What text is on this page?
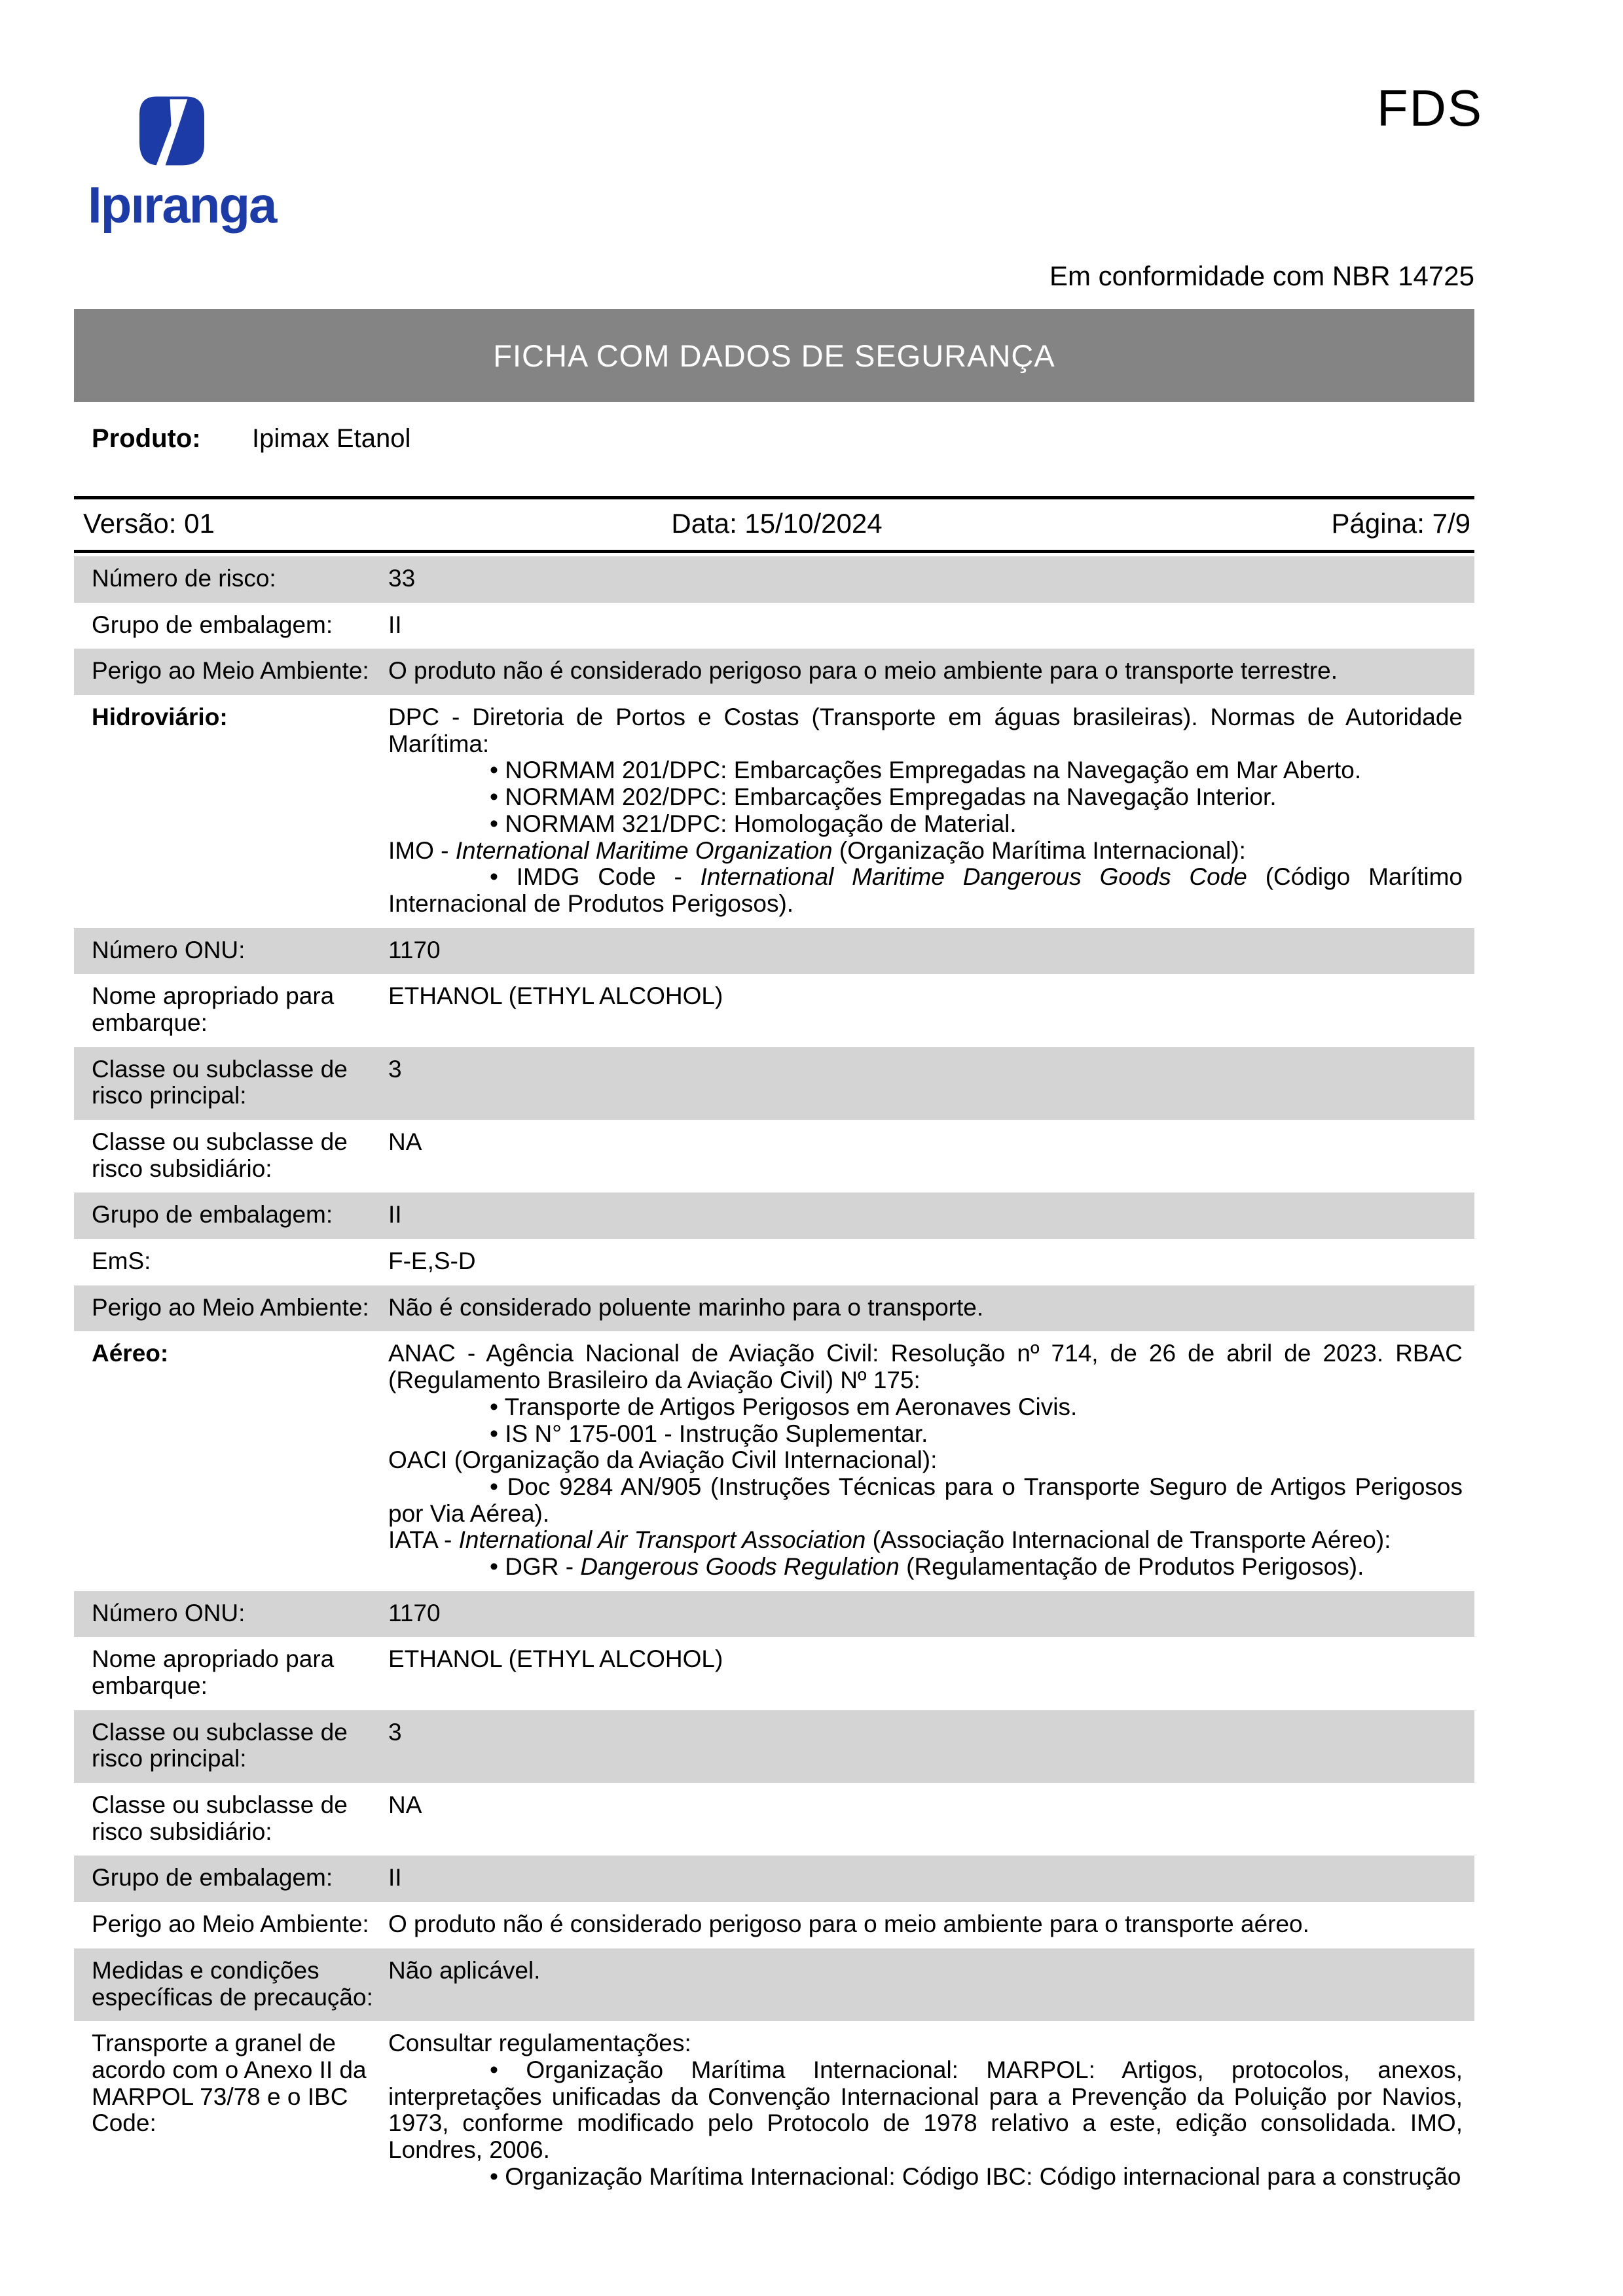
Ipıranga
FDS
Em conformidade com NBR 14725
FICHA COM DADOS DE SEGURANÇA
Produto: Ipimax Etanol
Versão: 01	Data: 15/10/2024	Página: 7/9

Número de risco:	33

Grupo de embalagem:	II

Perigo ao Meio Ambiente: O produto não é considerado perigoso para o meio ambiente para o transporte terrestre.

Hidroviário:	DPC - Diretoria de Portos e Costas (Transporte em águas brasileiras). Normas de Autoridade Marítima:

• NORMAM 201/DPC: Embarcações Empregadas na Navegação em Mar Aberto.

• NORMAM 202/DPC: Embarcações Empregadas na Navegação Interior.

• NORMAM 321/DPC: Homologação de Material.

IMO - International Maritime Organization (Organização Marítima Internacional):

• IMDG Code - International Maritime Dangerous Goods Code (Código Marítimo Internacional de Produtos Perigosos).

Número ONU:	1170

Nome apropriado para embarque:

ETHANOL (ETHYL ALCOHOL)

Classe ou subclasse de risco principal:

3

Classe ou subclasse de risco subsidiário:

NA

Grupo de embalagem:	II

EmS:	F-E,S-D

Perigo ao Meio Ambiente: Não é considerado poluente marinho para o transporte.

Aéreo:	ANAC - Agência Nacional de Aviação Civil: Resolução nº 714, de 26 de abril de 2023. RBAC (Regulamento Brasileiro da Aviação Civil) Nº 175:

• Transporte de Artigos Perigosos em Aeronaves Civis.

• IS N° 175-001 - Instrução Suplementar.

OACI (Organização da Aviação Civil Internacional):

• Doc 9284 AN/905 (Instruções Técnicas para o Transporte Seguro de Artigos Perigosos por Via Aérea).

IATA - International Air Transport Association (Associação Internacional de Transporte Aéreo):

• DGR - Dangerous Goods Regulation (Regulamentação de Produtos Perigosos).

Número ONU:	1170

Nome apropriado para embarque:

ETHANOL (ETHYL ALCOHOL)

Classe ou subclasse de risco principal:

3

Classe ou subclasse de risco subsidiário:

NA

Grupo de embalagem:	II

Perigo ao Meio Ambiente: O produto não é considerado perigoso para o meio ambiente para o transporte aéreo.

Medidas e condições específicas de precaução:

Não aplicável.

Transporte a granel de acordo com o Anexo II da MARPOL 73/78 e o IBC Code:

Consultar regulamentações:

• Organização Marítima Internacional: MARPOL: Artigos, protocolos, anexos, interpretações unificadas da Convenção Internacional para a Prevenção da Poluição por Navios, 1973, conforme modificado pelo Protocolo de 1978 relativo a este, edição consolidada. IMO, Londres, 2006.

• Organização Marítima Internacional: Código IBC: Código internacional para a construção
